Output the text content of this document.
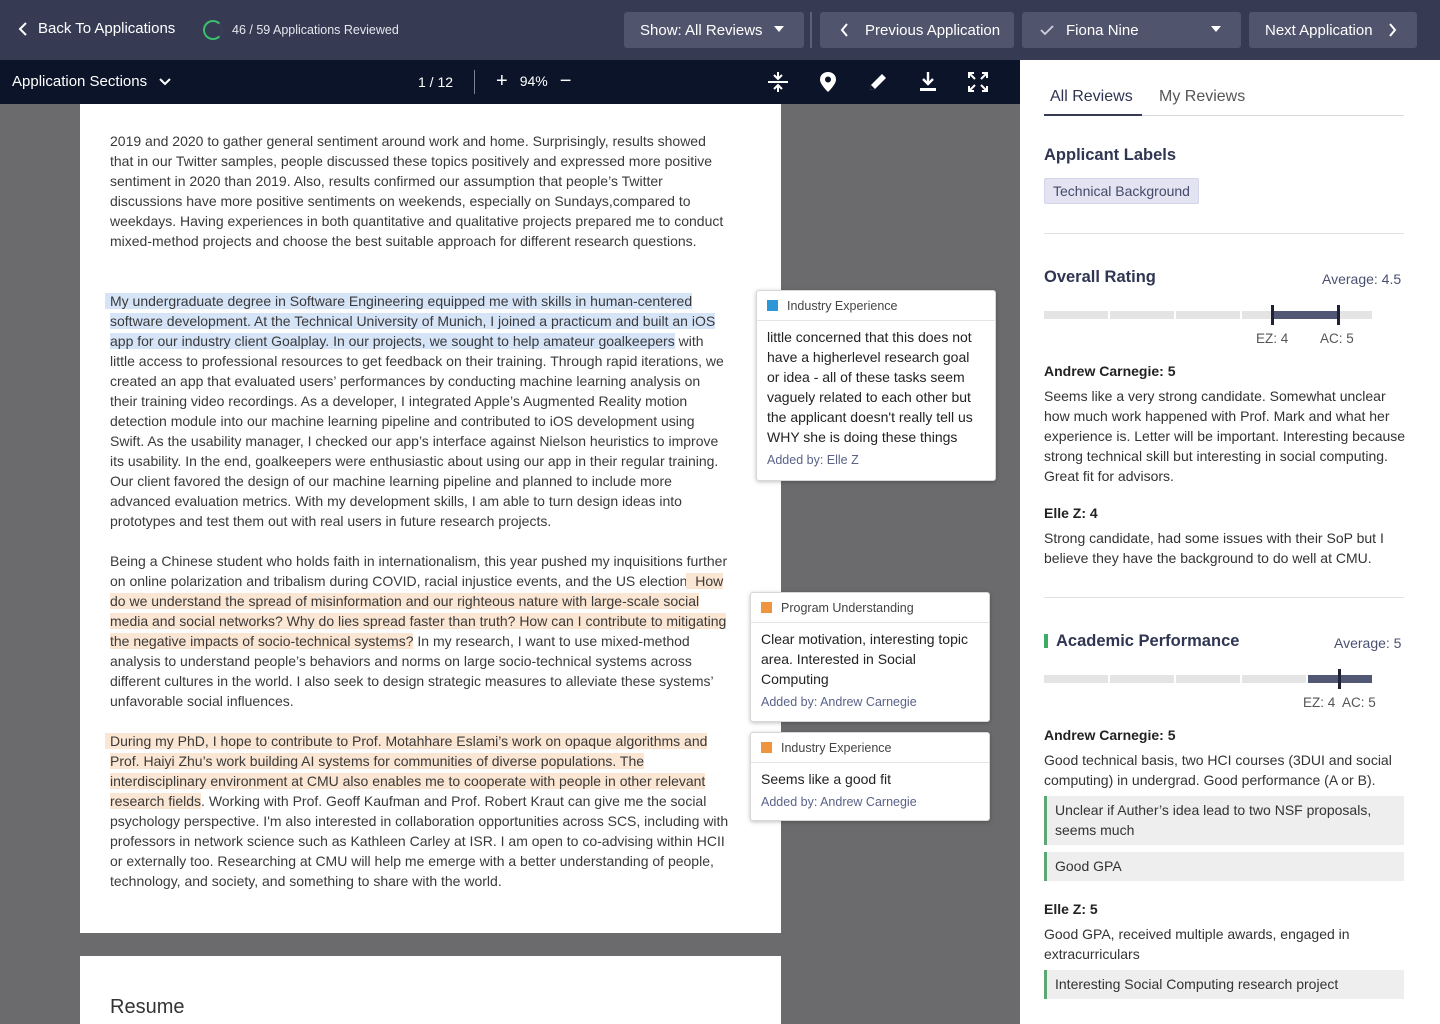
Back To Applications	46 / 59 Applications Reviewed	Show: All Reviews	Previous Application	Fiona Nine	Next Application
Application Sections	1 / 12 + 94% −
2019 and 2020 to gather general sentiment around work and home. Surprisingly, results showed that in our Twitter samples, people discussed these topics positively and expressed more positive sentiment in 2020 than 2019. Also, results confirmed our assumption that people’s Twitter discussions have more positive sentiments on weekends, especially on Sundays,compared to weekdays. Having experiences in both quantitative and qualitative projects prepared me to conduct mixed-method projects and choose the best suitable approach for different research questions.
My undergraduate degree in Software Engineering equipped me with skills in human-centered software development. At the Technical University of Munich, I joined a practicum and built an iOS app for our industry client Goalplay. In our projects, we sought to help amateur goalkeepers with little access to professional resources to get feedback on their training. Through rapid iterations, we created an app that evaluated users’ performances by conducting machine learning analysis on their training video recordings. As a developer, I integrated Apple’s Augmented Reality motion detection module into our machine learning pipeline and contributed to iOS development using Swift. As the usability manager, I checked our app’s interface against Nielson heuristics to improve its usability. In the end, goalkeepers were enthusiastic about using our app in their regular training. Our client favored the design of our machine learning pipeline and planned to include more advanced evaluation metrics. With my development skills, I am able to turn design ideas into prototypes and test them out with real users in future research projects.
Being a Chinese student who holds faith in internationalism, this year pushed my inquisitions further on online polarization and tribalism during COVID, racial injustice events, and the US election. How do we understand the spread of misinformation and our righteous nature with large-scale social media and social networks? Why do lies spread faster than truth? How can I contribute to mitigating the negative impacts of socio-technical systems? In my research, I want to use mixed-method analysis to understand people’s behaviors and norms on large socio-technical systems across different cultures in the world. I also seek to design strategic measures to alleviate these systems’ unfavorable social influences.
During my PhD, I hope to contribute to Prof. Motahhare Eslami’s work on opaque algorithms and Prof. Haiyi Zhu’s work building AI systems for communities of diverse populations. The interdisciplinary environment at CMU also enables me to cooperate with people in other relevant research fields. Working with Prof. Geoff Kaufman and Prof. Robert Kraut can give me the social psychology perspective. I'm also interested in collaboration opportunities across SCS, including with professors in network science such as Kathleen Carley at ISR. I am open to co-advising within HCII or externally too. Researching at CMU will help me emerge with a better understanding of people, technology, and society, and something to share with the world.
Resume
Industry Experience
little concerned that this does not have a higherlevel research goal or idea - all of these tasks seem vaguely related to each other but the applicant doesn't really tell us WHY she is doing these things
Added by: Elle Z
Program Understanding
Clear motivation, interesting topic area. Interested in Social Computing
Added by: Andrew Carnegie
Industry Experience
Seems like a good fit
Added by: Andrew Carnegie
All Reviews My Reviews
Applicant Labels
Technical Background
Overall Rating	Average: 4.5
EZ: 4 AC: 5
Andrew Carnegie: 5
Seems like a very strong candidate. Somewhat unclear how much work happened with Prof. Mark and what her experience is. Letter will be important. Interesting because strong technical skill but interesting in social computing. Great fit for advisors.
Elle Z: 4
Strong candidate, had some issues with their SoP but I believe they have the background to do well at CMU.
Academic Performance	Average: 5
EZ: 4 AC: 5
Andrew Carnegie: 5
Good technical basis, two HCI courses (3DUI and social computing) in undergrad. Good performance (A or B).
Unclear if Auther’s idea lead to two NSF proposals, seems much
Good GPA
Elle Z: 5
Good GPA, received multiple awards, engaged in extracurriculars
Interesting Social Computing research project
